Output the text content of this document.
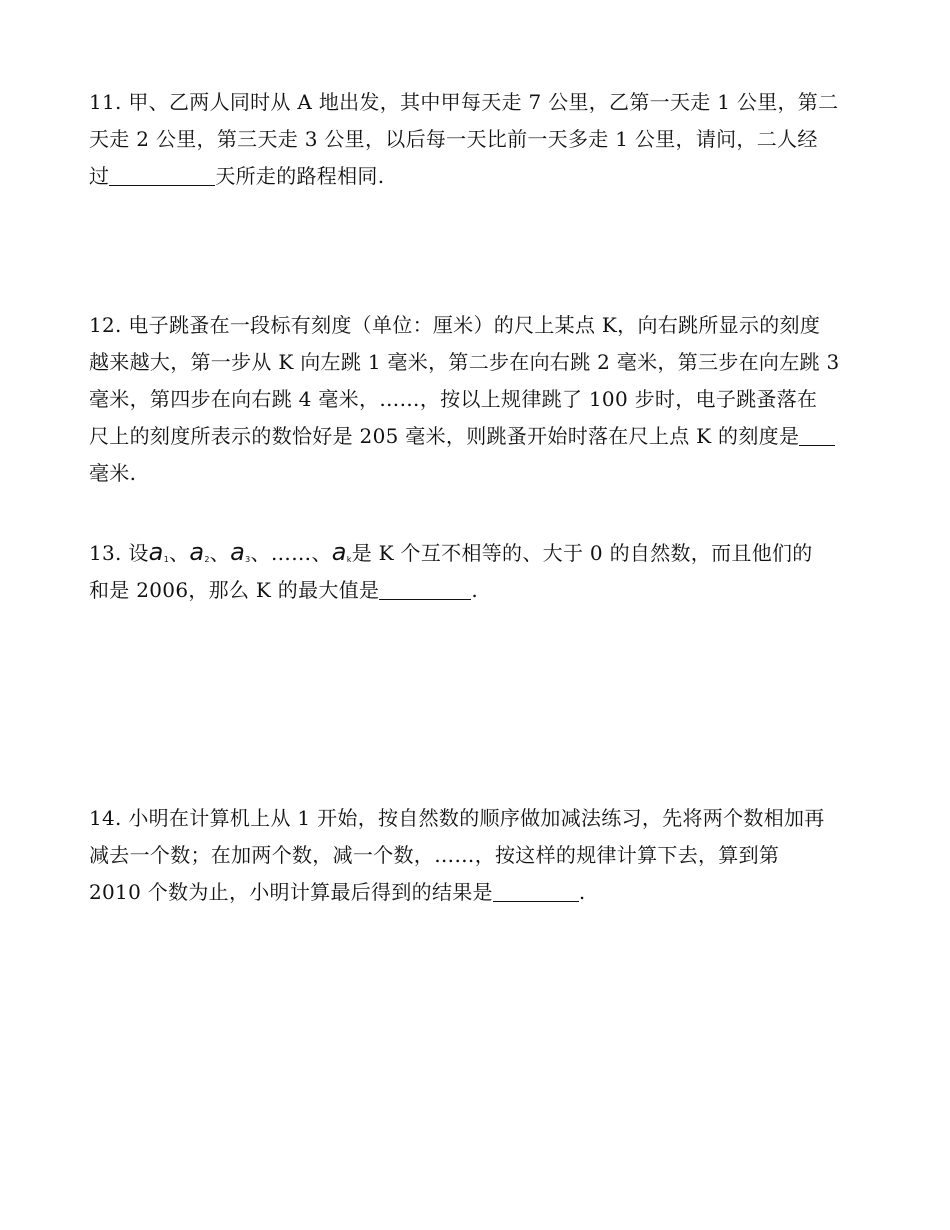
11. 甲、乙两人同时从 A 地出发，其中甲每天走 7 公里，乙第一天走 1 公里，第二
天走 2 公里，第三天走 3 公里，以后每一天比前一天多走 1 公里，请问，二人经
过	天所走的路程相同.
12. 电子跳蚤在一段标有刻度（单位：厘米）的尺上某点 K，向右跳所显示的刻度
越来越大，第一步从 K 向左跳 1 毫米，第二步在向右跳 2 毫米，第三步在向左跳 3
毫米，第四步在向右跳 4 毫米，……，按以上规律跳了 100 步时，电子跳蚤落在
尺上的刻度所表示的数恰好是 205 毫米，则跳蚤开始时落在尺上点 K 的刻度是
毫米.
13. 设$a_1$、$a_2$、$a_3$、……、$a_k$是 K 个互不相等的、大于 0 的自然数，而且他们的
和是 2006，那么 K 的最大值是	.
14. 小明在计算机上从 1 开始，按自然数的顺序做加减法练习，先将两个数相加再
减去一个数；在加两个数，减一个数，……，按这样的规律计算下去，算到第
2010 个数为止，小明计算最后得到的结果是	.
